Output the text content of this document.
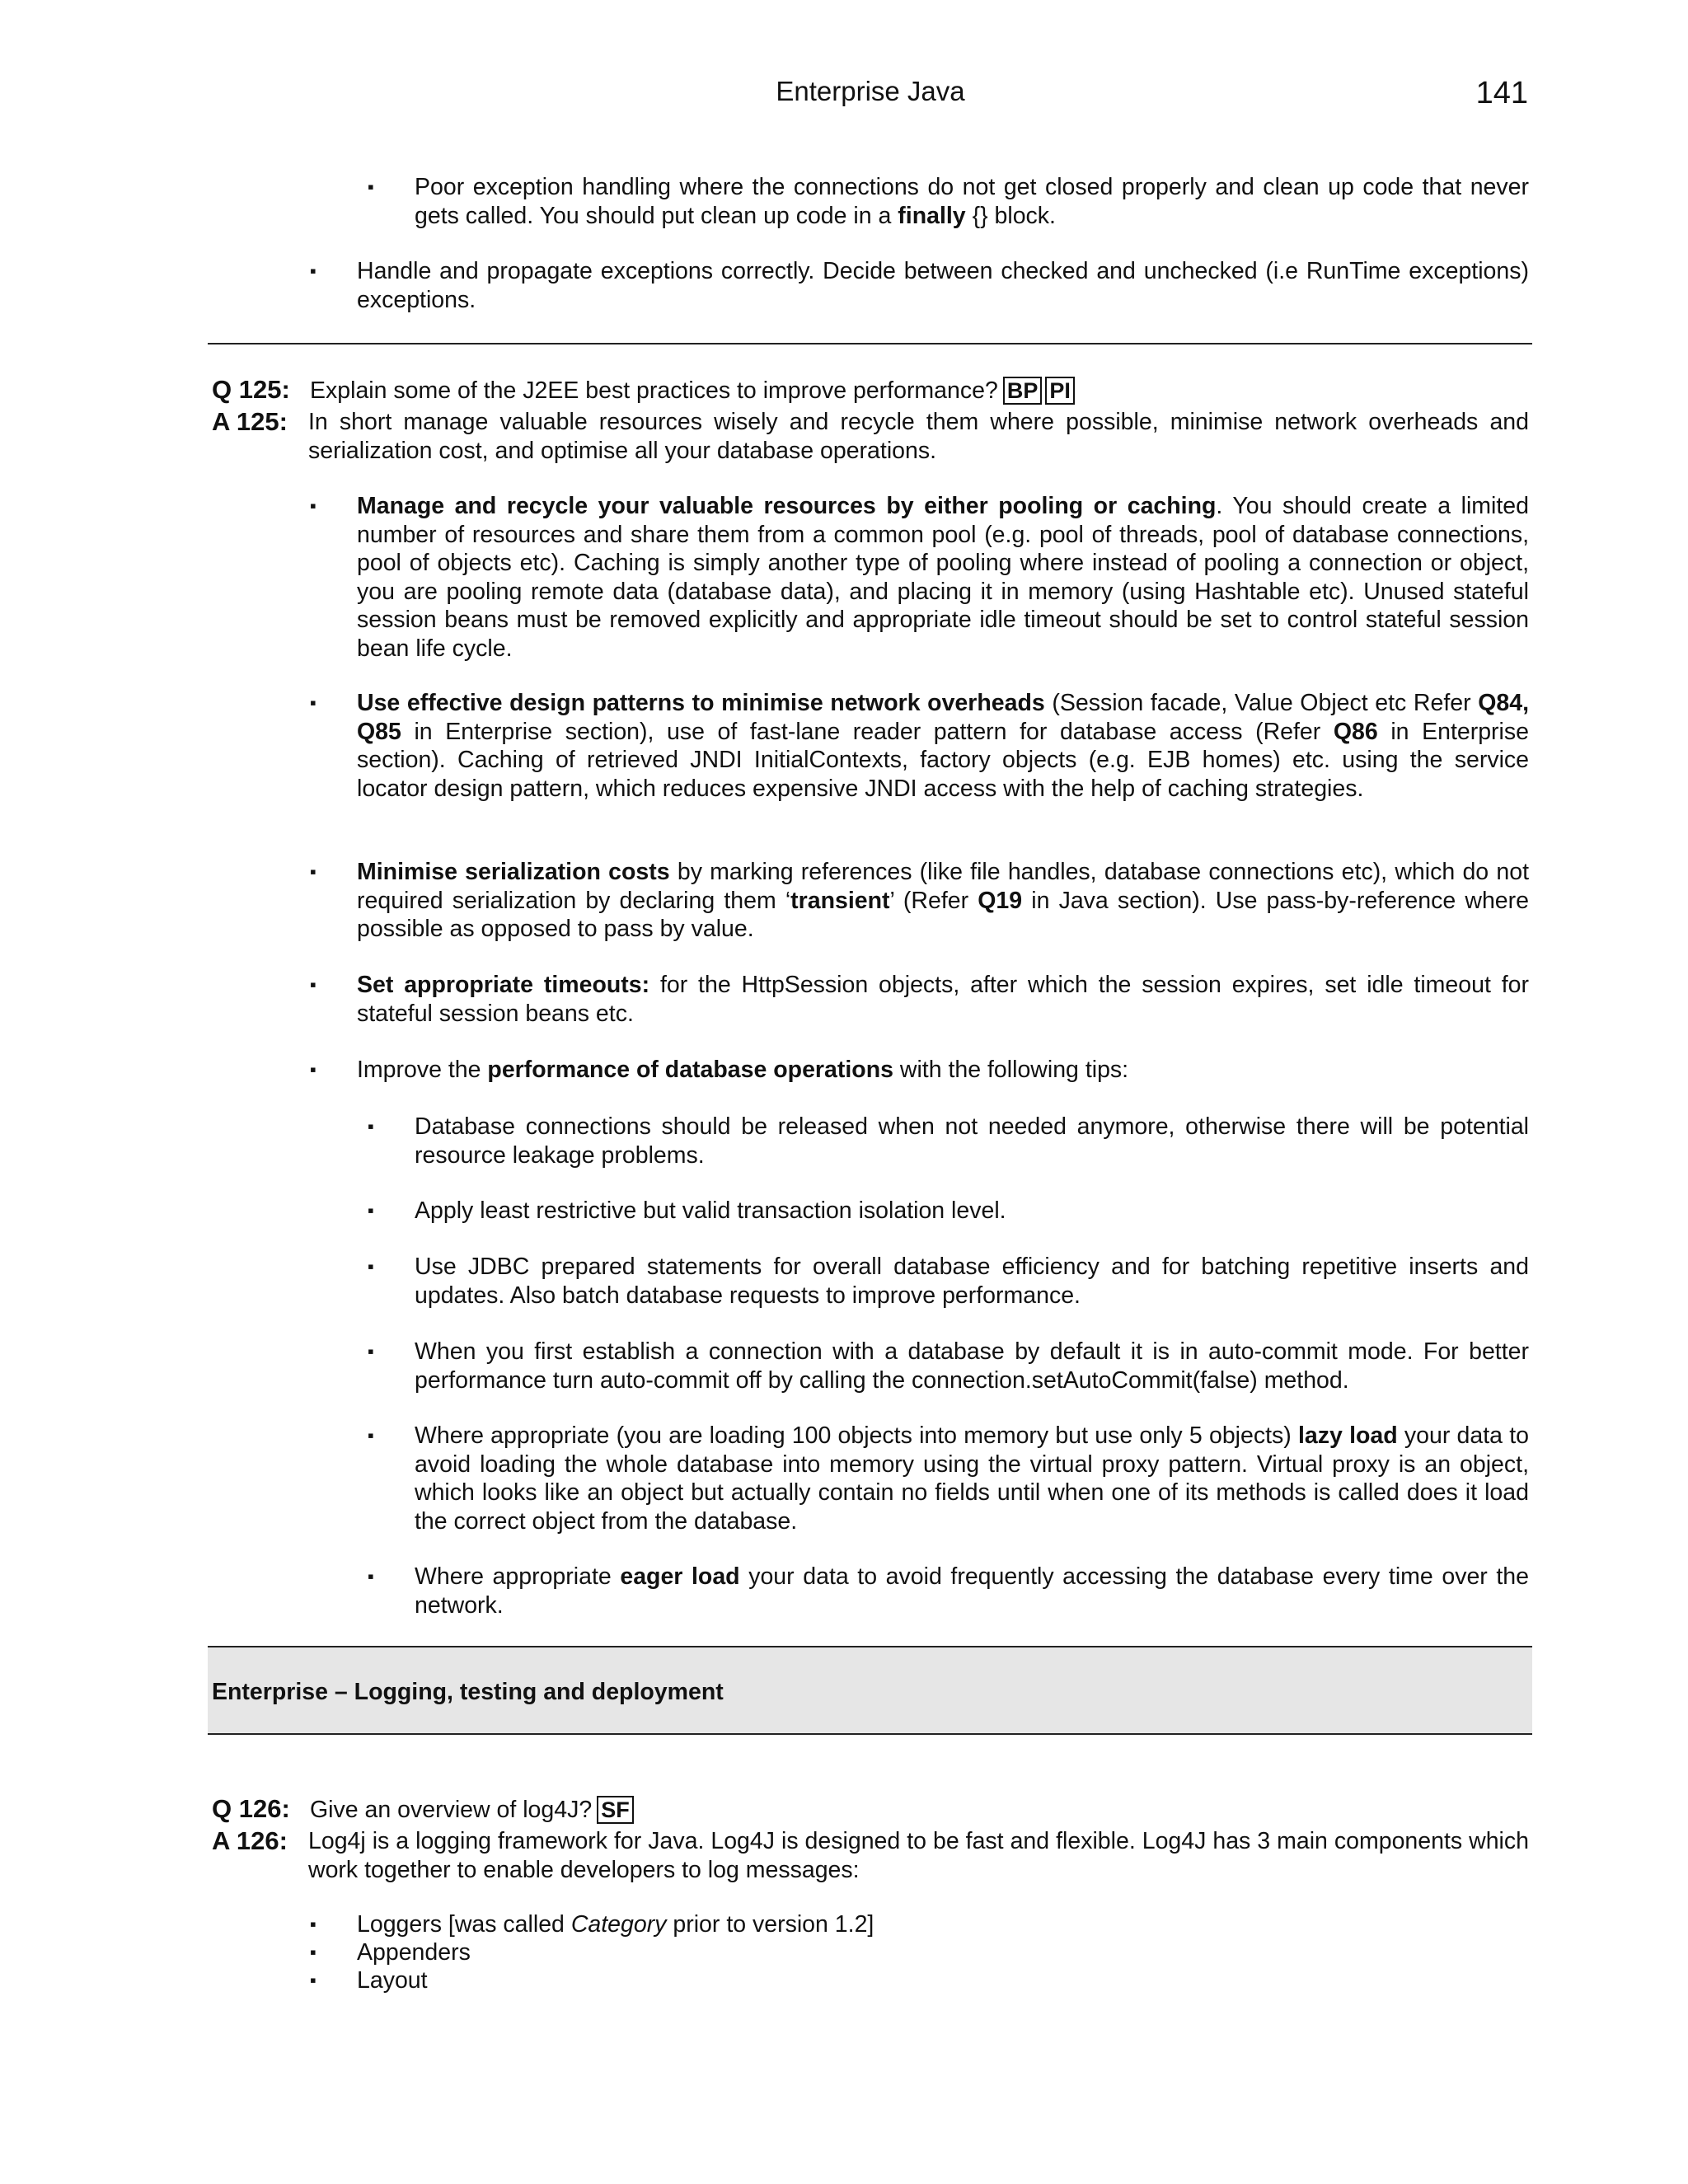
Enterprise Java	141
▪ Poor exception handling where the connections do not get closed properly and clean up code that never gets called. You should put clean up code in a finally {} block.
▪ Handle and propagate exceptions correctly. Decide between checked and unchecked (i.e RunTime exceptions) exceptions.
Q 125: Explain some of the J2EE best practices to improve performance? BP PI
A 125: In short manage valuable resources wisely and recycle them where possible, minimise network overheads and serialization cost, and optimise all your database operations.
▪ Manage and recycle your valuable resources by either pooling or caching. You should create a limited number of resources and share them from a common pool (e.g. pool of threads, pool of database connections, pool of objects etc). Caching is simply another type of pooling where instead of pooling a connection or object, you are pooling remote data (database data), and placing it in memory (using Hashtable etc). Unused stateful session beans must be removed explicitly and appropriate idle timeout should be set to control stateful session bean life cycle.
▪ Use effective design patterns to minimise network overheads (Session facade, Value Object etc Refer Q84, Q85 in Enterprise section), use of fast-lane reader pattern for database access (Refer Q86 in Enterprise section). Caching of retrieved JNDI InitialContexts, factory objects (e.g. EJB homes) etc. using the service locator design pattern, which reduces expensive JNDI access with the help of caching strategies.
▪ Minimise serialization costs by marking references (like file handles, database connections etc), which do not required serialization by declaring them ‘transient’ (Refer Q19 in Java section). Use pass-by-reference where possible as opposed to pass by value.
▪ Set appropriate timeouts: for the HttpSession objects, after which the session expires, set idle timeout for stateful session beans etc.
▪ Improve the performance of database operations with the following tips:
▪ Database connections should be released when not needed anymore, otherwise there will be potential resource leakage problems.
▪ Apply least restrictive but valid transaction isolation level.
▪ Use JDBC prepared statements for overall database efficiency and for batching repetitive inserts and updates. Also batch database requests to improve performance.
▪ When you first establish a connection with a database by default it is in auto-commit mode. For better performance turn auto-commit off by calling the connection.setAutoCommit(false) method.
▪ Where appropriate (you are loading 100 objects into memory but use only 5 objects) lazy load your data to avoid loading the whole database into memory using the virtual proxy pattern. Virtual proxy is an object, which looks like an object but actually contain no fields until when one of its methods is called does it load the correct object from the database.
▪ Where appropriate eager load your data to avoid frequently accessing the database every time over the network.
Enterprise – Logging, testing and deployment
Q 126: Give an overview of log4J? SF
A 126: Log4j is a logging framework for Java. Log4J is designed to be fast and flexible. Log4J has 3 main components which work together to enable developers to log messages:
▪ Loggers [was called Category prior to version 1.2]
▪ Appenders
▪ Layout
